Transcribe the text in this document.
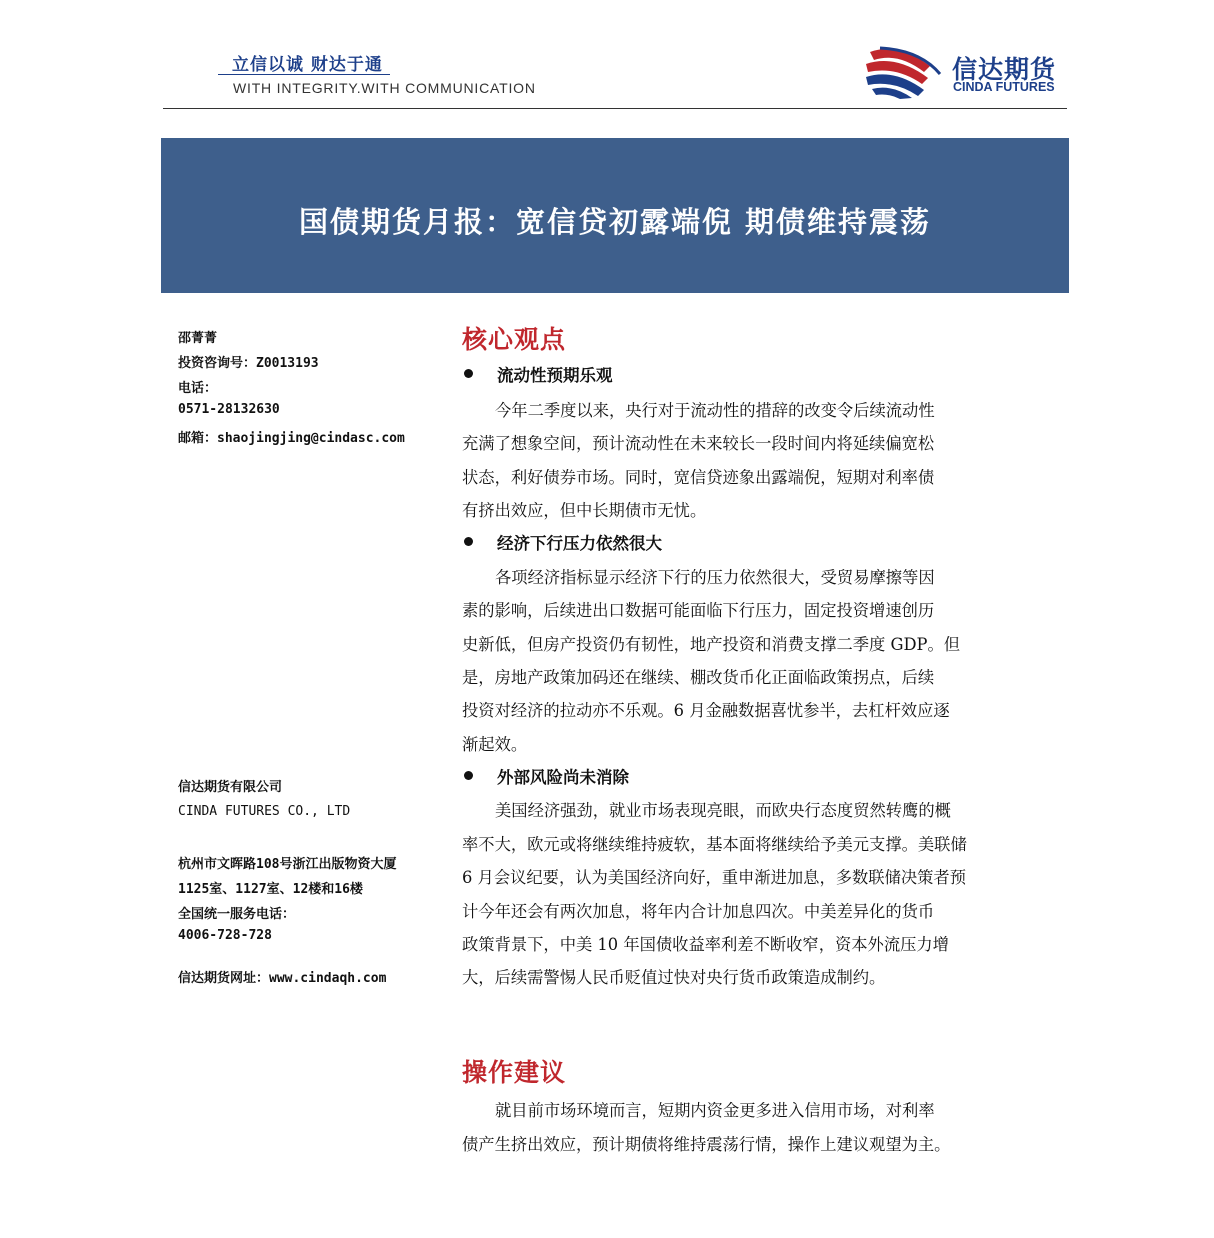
立信以诚 财达于通
WITH INTEGRITY.WITH COMMUNICATION
信达期货
CINDA FUTURES
国债期货月报：宽信贷初露端倪 期债维持震荡
邵菁菁
投资咨询号：Z0013193
电话：
0571-28132630
邮箱：shaojingjing@cindasc.com
信达期货有限公司
CINDA FUTURES CO., LTD
杭州市文晖路108号浙江出版物资大厦
1125室、1127室、12楼和16楼
全国统一服务电话：
4006-728-728
信达期货网址：www.cindaqh.com
核心观点
流动性预期乐观
今年二季度以来，央行对于流动性的措辞的改变令后续流动性
充满了想象空间，预计流动性在未来较长一段时间内将延续偏宽松
状态，利好债券市场。同时，宽信贷迹象出露端倪，短期对利率债
有挤出效应，但中长期债市无忧。
经济下行压力依然很大
各项经济指标显示经济下行的压力依然很大，受贸易摩擦等因
素的影响，后续进出口数据可能面临下行压力，固定投资增速创历
史新低，但房产投资仍有韧性，地产投资和消费支撑二季度 GDP。但
是，房地产政策加码还在继续、棚改货币化正面临政策拐点，后续
投资对经济的拉动亦不乐观。6 月金融数据喜忧参半，去杠杆效应逐
渐起效。
外部风险尚未消除
美国经济强劲，就业市场表现亮眼，而欧央行态度贸然转鹰的概
率不大，欧元或将继续维持疲软，基本面将继续给予美元支撑。美联储
6 月会议纪要，认为美国经济向好，重申渐进加息，多数联储决策者预
计今年还会有两次加息，将年内合计加息四次。中美差异化的货币
政策背景下，中美 10 年国债收益率利差不断收窄，资本外流压力增
大，后续需警惕人民币贬值过快对央行货币政策造成制约。
操作建议
就目前市场环境而言，短期内资金更多进入信用市场，对利率
债产生挤出效应，预计期债将维持震荡行情，操作上建议观望为主。
